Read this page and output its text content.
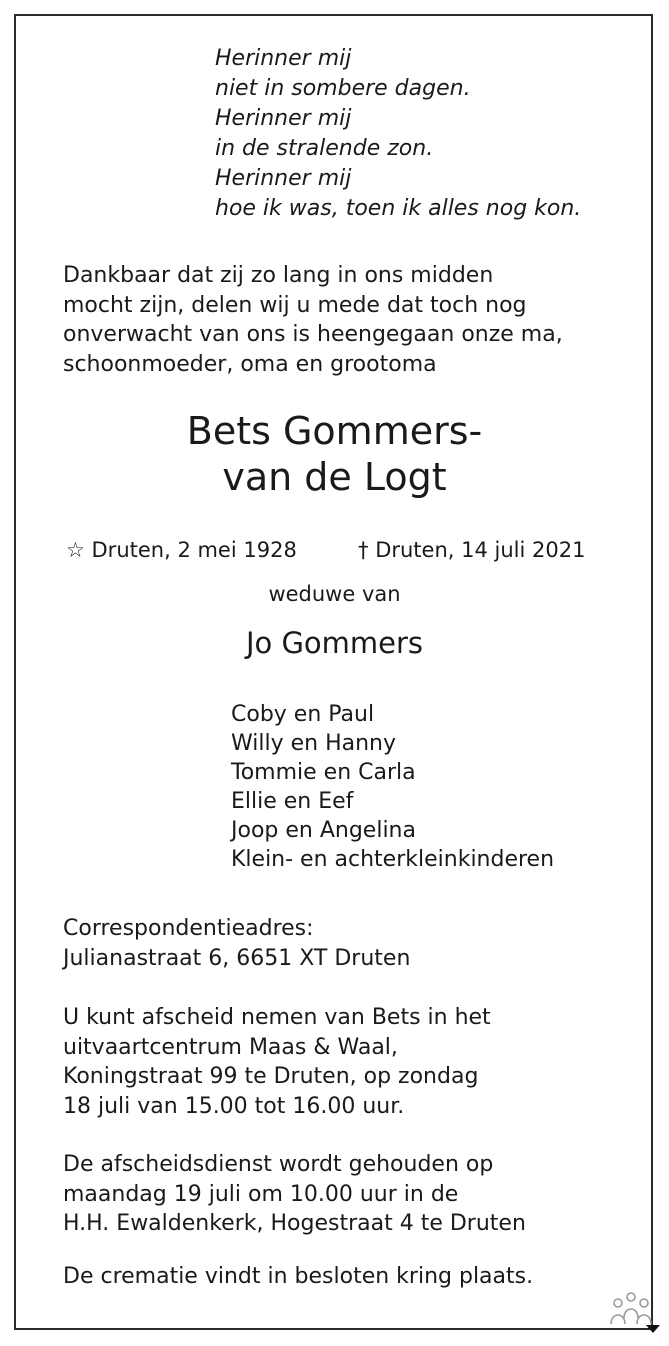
Herinner mij
niet in sombere dagen.
Herinner mij
in de stralende zon.
Herinner mij
hoe ik was, toen ik alles nog kon.
Dankbaar dat zij zo lang in ons midden
mocht zijn, delen wij u mede dat toch nog
onverwacht van ons is heengegaan onze ma,
schoonmoeder, oma en grootoma
Bets Gommers-
van de Logt
☆ Druten, 2 mei 1928	† Druten, 14 juli 2021
weduwe van
Jo Gommers
Coby en Paul
Willy en Hanny
Tommie en Carla
Ellie en Eef
Joop en Angelina
Klein- en achterkleinkinderen
Correspondentieadres:
Julianastraat 6, 6651 XT Druten
U kunt afscheid nemen van Bets in het
uitvaartcentrum Maas & Waal,
Koningstraat 99 te Druten, op zondag
18 juli van 15.00 tot 16.00 uur.
De afscheidsdienst wordt gehouden op
maandag 19 juli om 10.00 uur in de
H.H. Ewaldenkerk, Hogestraat 4 te Druten
De crematie vindt in besloten kring plaats.
